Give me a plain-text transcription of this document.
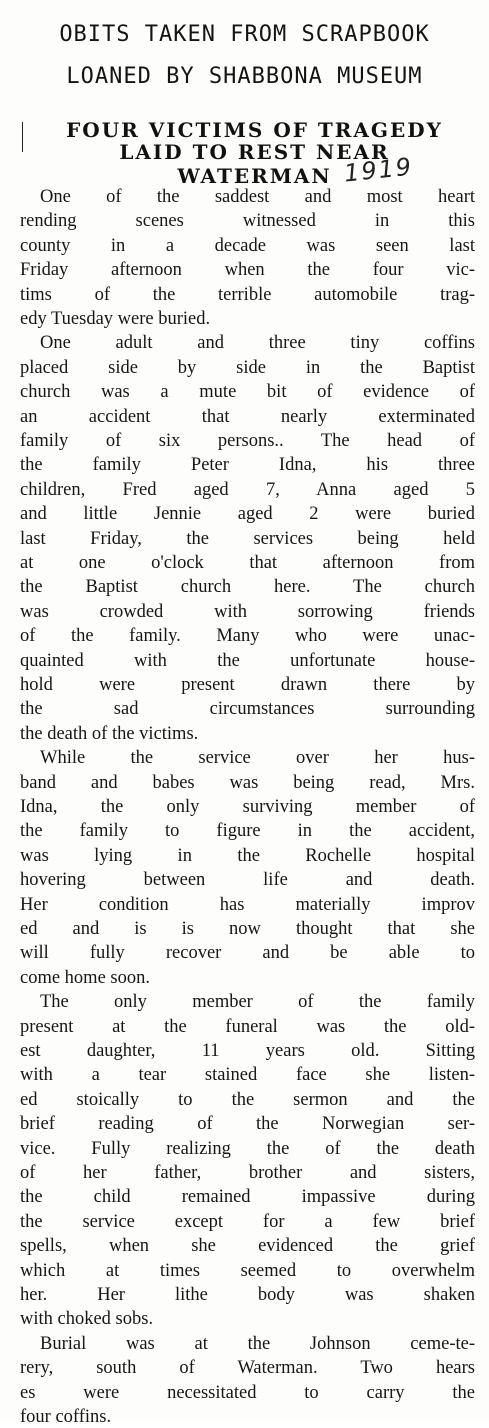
OBITS TAKEN FROM SCRAPBOOK
LOANED BY SHABBONA MUSEUM
FOUR VICTIMS OF TRAGEDY
LAID TO REST NEAR
WATERMAN 1919
One of the saddest and most heart
rending scenes witnessed in this
county in a decade was seen last
Friday afternoon when the four vic-
tims of the terrible automobile trag-
edy Tuesday were buried.
One adult and three tiny coffins
placed side by side in the Baptist
church was a mute bit of evidence of
an accident that nearly exterminated
family of six persons.. The head of
the family Peter Idna, his three
children, Fred aged 7, Anna aged 5
and little Jennie aged 2 were buried
last Friday, the services being held
at one o'clock that afternoon from
the Baptist church here. The church
was crowded with sorrowing friends
of the family. Many who were unac-
quainted with the unfortunate house-
hold were present drawn there by
the sad circumstances surrounding
the death of the victims.
While the service over her hus-
band and babes was being read, Mrs.
Idna, the only surviving member of
the family to figure in the accident,
was lying in the Rochelle hospital
hovering between life and death.
Her condition has materially improv
ed and is is now thought that she
will fully recover and be able to
come home soon.
The only member of the family
present at the funeral was the old-
est daughter, 11 years old. Sitting
with a tear stained face she listen-
ed stoically to the sermon and the
brief reading of the Norwegian ser-
vice. Fully realizing the of the death
of her father, brother and sisters,
the child remained impassive during
the service except for a few brief
spells, when she evidenced the grief
which at times seemed to overwhelm
her. Her lithe body was shaken
with choked sobs.
Burial was at the Johnson ceme-te-
rery, south of Waterman. Two hears
es were necessitated to carry the
four coffins.
